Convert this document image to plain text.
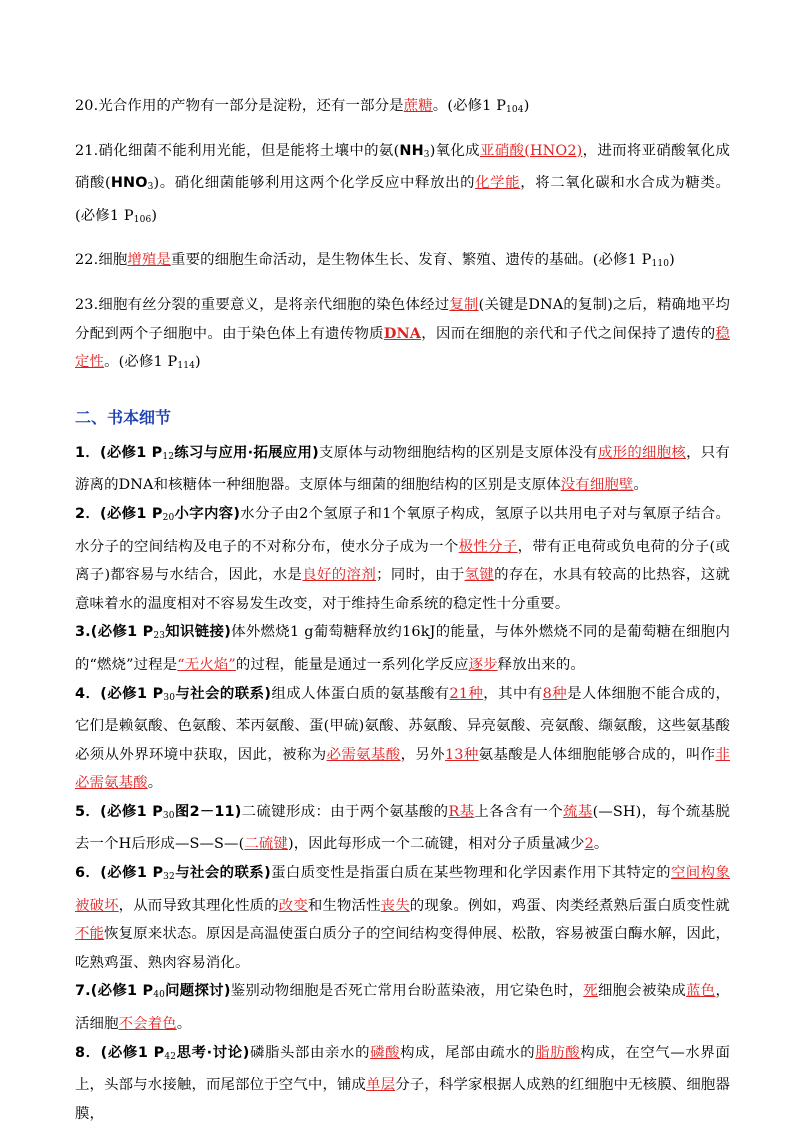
20.光合作用的产物有一部分是淀粉，还有一部分是蔗糖。(必修1 $P_{104}$)

21.硝化细菌不能利用光能，但是能将土壤中的氨$(NH_3)$氧化成亚硝酸(HNO2)，进而将亚硝酸氧化成硝酸$(HNO_3)$。硝化细菌能够利用这两个化学反应中释放出的化学能，将二氧化碳和水合成为糖类。(必修1 $P_{106}$)

22.细胞增殖是重要的细胞生命活动，是生物体生长、发育、繁殖、遗传的基础。(必修1 $P_{110}$)

23.细胞有丝分裂的重要意义，是将亲代细胞的染色体经过复制(关键是DNA的复制)之后，精确地平均分配到两个子细胞中。由于染色体上有遗传物质DNA，因而在细胞的亲代和子代之间保持了遗传的稳定性。(必修1 $P_{114}$)

二、书本细节

1．(必修1 $P_{12}$练习与应用·拓展应用)支原体与动物细胞结构的区别是支原体没有成形的细胞核，只有游离的DNA和核糖体一种细胞器。支原体与细菌的细胞结构的区别是支原体没有细胞壁。

2．(必修1 $P_{20}$小字内容)水分子由2个氢原子和1个氧原子构成，氢原子以共用电子对与氧原子结合。水分子的空间结构及电子的不对称分布，使水分子成为一个极性分子，带有正电荷或负电荷的分子(或离子)都容易与水结合，因此，水是良好的溶剂；同时，由于氢键的存在，水具有较高的比热容，这就意味着水的温度相对不容易发生改变，对于维持生命系统的稳定性十分重要。

3.(必修1 $P_{23}$知识链接)体外燃烧1 g葡萄糖释放约16kJ的能量，与体外燃烧不同的是葡萄糖在细胞内的“燃烧”过程是“无火焰”的过程，能量是通过一系列化学反应逐步释放出来的。

4．(必修1 $P_{30}$与社会的联系)组成人体蛋白质的氨基酸有21种，其中有8种是人体细胞不能合成的，它们是赖氨酸、色氨酸、苯丙氨酸、蛋(甲硫)氨酸、苏氨酸、异亮氨酸、亮氨酸、缬氨酸，这些氨基酸必须从外界环境中获取，因此，被称为必需氨基酸，另外13种氨基酸是人体细胞能够合成的，叫作非必需氨基酸。

5．(必修1 $P_{30}$图2－11)二硫键形成：由于两个氨基酸的R基上各含有一个巯基(—SH)，每个巯基脱去一个H后形成—S—S—(二硫键)，因此每形成一个二硫键，相对分子质量减少2。

6．(必修1 $P_{32}$与社会的联系)蛋白质变性是指蛋白质在某些物理和化学因素作用下其特定的空间构象被破坏，从而导致其理化性质的改变和生物活性丧失的现象。例如，鸡蛋、肉类经煮熟后蛋白质变性就不能恢复原来状态。原因是高温使蛋白质分子的空间结构变得伸展、松散，容易被蛋白酶水解，因此，吃熟鸡蛋、熟肉容易消化。

7.(必修1 $P_{40}$问题探讨)鉴别动物细胞是否死亡常用台盼蓝染液，用它染色时，死细胞会被染成蓝色，活细胞不会着色。

8．(必修1 $P_{42}$思考·讨论)磷脂头部由亲水的磷酸构成，尾部由疏水的脂肪酸构成，在空气—水界面上，头部与水接触，而尾部位于空气中，铺成单层分子，科学家根据人成熟的红细胞中无核膜、细胞器膜，
